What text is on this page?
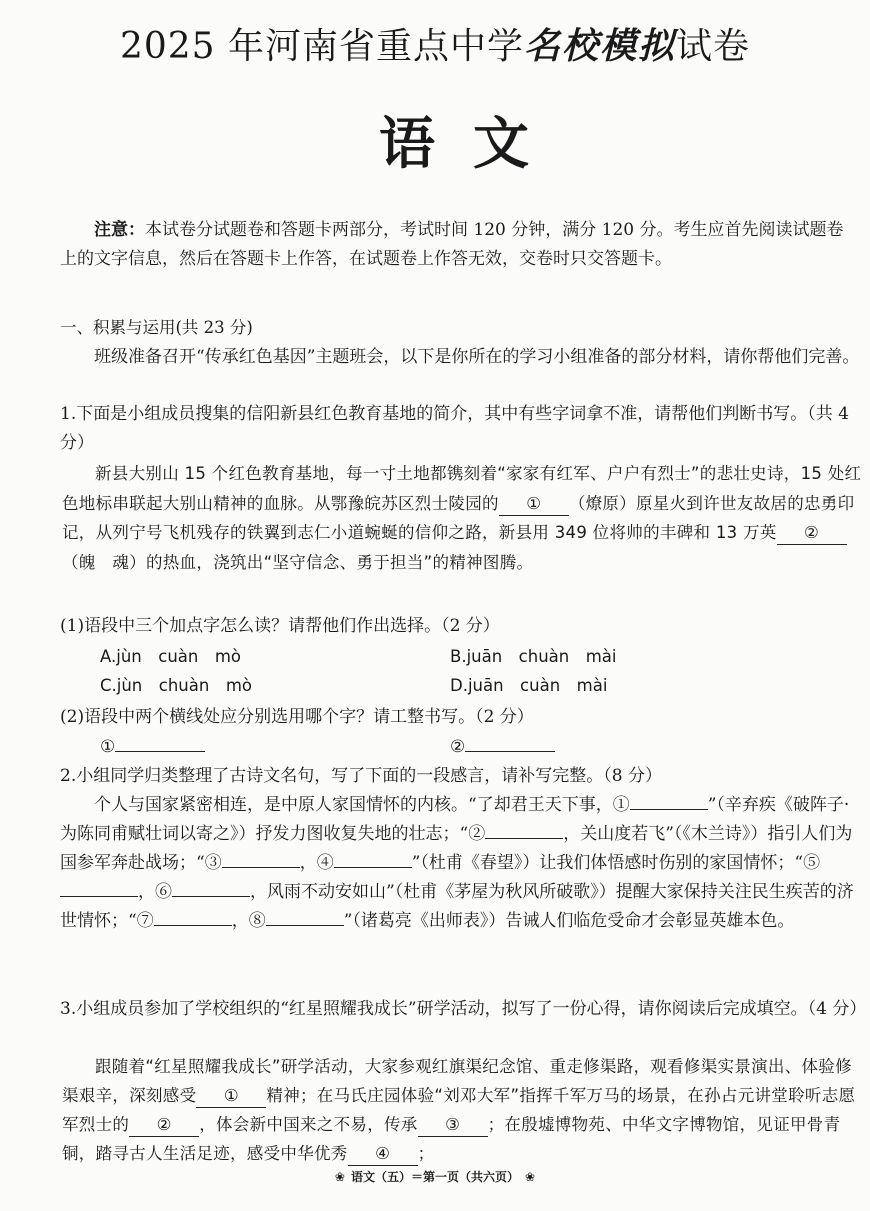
2025 年河南省重点中学名校模拟试卷
语文
注意：本试卷分试题卷和答题卡两部分，考试时间 120 分钟，满分 120 分。考生应首先阅读试题卷上的文字信息，然后在答题卡上作答，在试题卷上作答无效，交卷时只交答题卡。
一、积累与运用(共 23 分)
班级准备召开“传承红色基因”主题班会，以下是你所在的学习小组准备的部分材料，请你帮他们完善。
1.下面是小组成员搜集的信阳新县红色教育基地的简介，其中有些字词拿不准，请帮他们判断书写。（共 4 分）
新县大别山 15 个红色教育基地，每一寸土地都镌刻着“家家有红军、户户有烈士”的悲壮史诗，15 处红色地标串联起大别山精神的血脉。从鄂豫皖苏区烈士陵园的 ① （燎原）原星火到许世友故居的忠勇印记，从列宁号飞机残存的铁翼到志仁小道蜿蜒的信仰之路，新县用 349 位将帅的丰碑和 13 万英 ②（魄　魂）的热血，浇筑出“坚守信念、勇于担当”的精神图腾。
(1)语段中三个加点字怎么读？请帮他们作出选择。（2 分）
A.jùn　cuàn　mò	B.juān　chuàn　mài
C.jùn　chuàn　mò	D.juān　cuàn　mài
(2)语段中两个横线处应分别选用哪个字？请工整书写。（2 分）
①	②
2.小组同学归类整理了古诗文名句，写了下面的一段感言，请补写完整。（8 分）
个人与国家紧密相连，是中原人家国情怀的内核。“了却君王天下事，①	”（辛弃疾《破阵子·为陈同甫赋壮词以寄之》）抒发力图收复失地的壮志；“②	，关山度若飞”（《木兰诗》）指引人们为国参军奔赴战场；“③	，④	”（杜甫《春望》）让我们体悟感时伤别的家国情怀；“⑤，⑥	，风雨不动安如山”（杜甫《茅屋为秋风所破歌》）提醒大家保持关注民生疾苦的济世情怀；“⑦	，⑧	”（诸葛亮《出师表》）告诫人们临危受命才会彰显英雄本色。
3.小组成员参加了学校组织的“红星照耀我成长”研学活动，拟写了一份心得，请你阅读后完成填空。（4 分）
跟随着“红星照耀我成长”研学活动，大家参观红旗渠纪念馆、重走修渠路，观看修渠实景演出、体验修渠艰辛，深刻感受 ① 精神；在马氏庄园体验“刘邓大军”指挥千军万马的场景，在孙占元讲堂聆听志愿军烈士的 ② ，体会新中国来之不易，传承 ③ ；在殷墟博物苑、中华文字博物馆，见证甲骨青铜，踏寻古人生活足迹，感受中华优秀 ④ ；
❀ 语文（五）＝第一页（共六页） ❀
